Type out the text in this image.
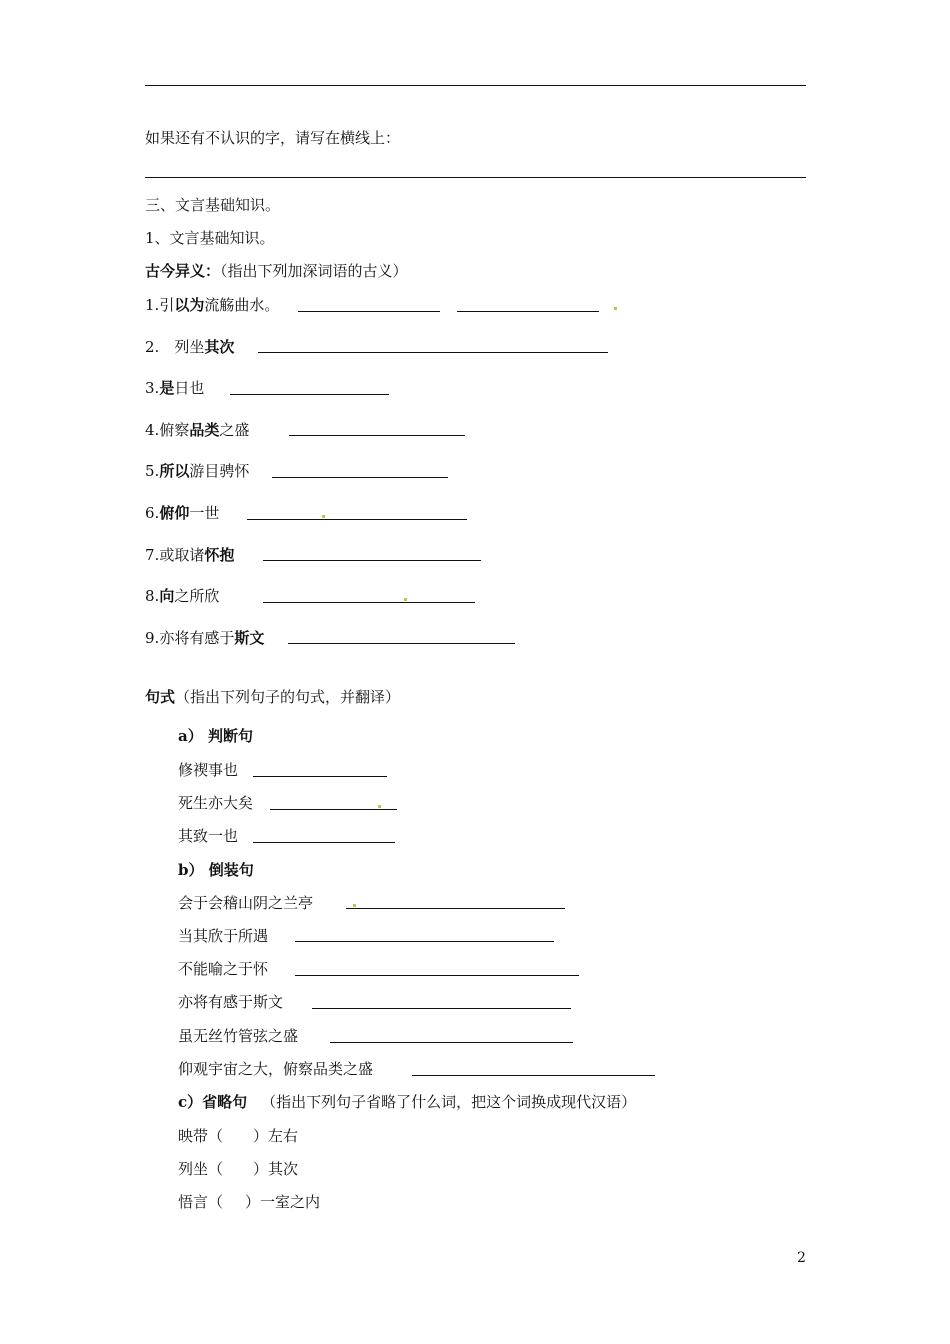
如果还有不认识的字，请写在横线上：
三、文言基础知识。
1、文言基础知识。
古今异义：（指出下列加深词语的古义）
1.引以为流觞曲水。
2.　列坐其次
3.是日也
4.俯察品类之盛
5.所以游目骋怀
6.俯仰一世
7.或取诸怀抱
8.向之所欣
9.亦将有感于斯文
句式（指出下列句子的句式，并翻译）
a） 判断句
修禊事也
死生亦大矣
其致一也
b） 倒装句
会于会稽山阴之兰亭
当其欣于所遇
不能喻之于怀
亦将有感于斯文
虽无丝竹管弦之盛
仰观宇宙之大，俯察品类之盛
c）省略句 （指出下列句子省略了什么词，把这个词换成现代汉语）
映带（ ）左右
列坐（ ）其次
悟言（ ）一室之内
2
